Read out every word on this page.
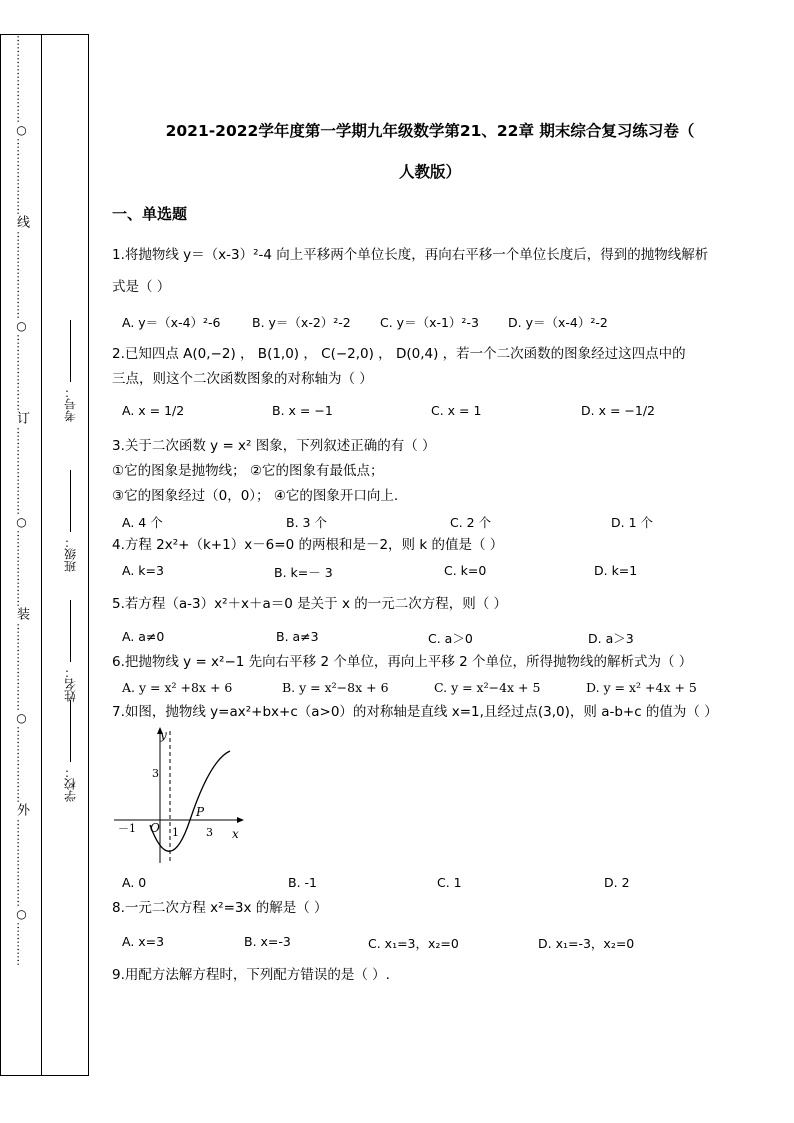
…
…
…
…
…
…
…
…
○
…
…
…
…
…
…
…
线
…
…
…
…
…
…
…
…
○
…
…
…
…
…
…
…
订
…
…
…
…
…
…
…
…
○
…
…
…
…
…
…
…
装
…
…
…
…
…
…
…
…
○
…
…
…
…
…
…
…
外
…
…
…
…
…
…
…
…
○
…
…
…
…
考号：
班级：
姓名：
学校：
2021-2022学年度第一学期九年级数学第21、22章 期末综合复习练习卷（
人教版）
一、单选题
1.将抛物线 y＝（x-3）²-4 向上平移两个单位长度，再向右平移一个单位长度后，得到的抛物线解析
式是（ ）
A. y＝（x-4）²-6	B. y＝（x-2）²-2 C. y＝（x-1）²-3 D. y＝（x-4）²-2
2.已知四点 A(0,−2) ， B(1,0) ， C(−2,0) ， D(0,4) ，若一个二次函数的图象经过这四点中的
三点，则这个二次函数图象的对称轴为（ ）
A. x = 1/2	B. x = −1	C. x = 1	D. x = −1/2
3.关于二次函数 y = x² 图象，下列叙述正确的有（ ）
①它的图象是抛物线； ②它的图象有最低点；
③它的图象经过（0，0）； ④它的图象开口向上.
A. 4 个	B. 3 个	C. 2 个	D. 1 个
4.方程 2x²+（k+1）x－6=0 的两根和是－2，则 k 的值是（ ）
A. k=3	B. k=－ 3	C. k=0	D. k=1
5.若方程（a-3）x²＋x＋a＝0 是关于 x 的一元二次方程，则（ ）
A. a≠0	B. a≠3	C. a＞0	D. a＞3
6.把抛物线 y = x²−1 先向右平移 2 个单位，再向上平移 2 个单位，所得抛物线的解析式为（ ）
A. y = x² +8x + 6	B. y = x²−8x + 6	C. y = x²−4x + 5	D. y = x² +4x + 5
7.如图，抛物线 y=ax²+bx+c（a>0）的对称轴是直线 x=1,且经过点(3,0)，则 a-b+c 的值为（ ）
A. 0	B. -1	C. 1	D. 2
8.一元二次方程 x²=3x 的解是（ ）
A. x=3	B. x=-3	C. x₁=3，x₂=0	D. x₁=-3，x₂=0
9.用配方法解方程时，下列配方错误的是（ ）.
y
x
3
－1 O 1 3
P
